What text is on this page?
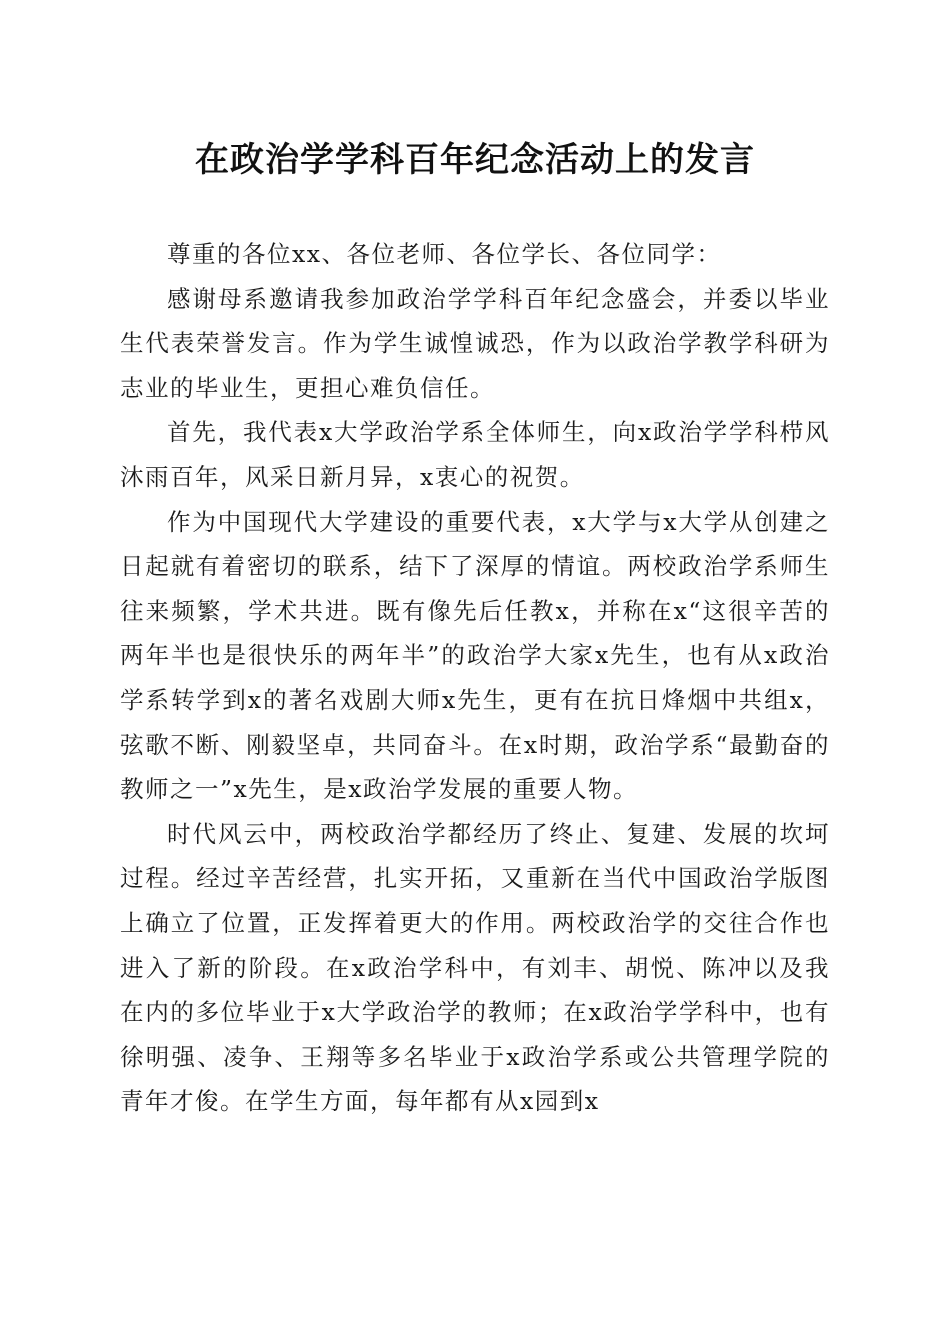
在政治学学科百年纪念活动上的发言

尊重的各位xx、各位老师、各位学长、各位同学：

感谢母系邀请我参加政治学学科百年纪念盛会，并委以毕业生代表荣誉发言。作为学生诚惶诚恐，作为以政治学教学科研为志业的毕业生，更担心难负信任。

首先，我代表x大学政治学系全体师生，向x政治学学科栉风沐雨百年，风采日新月异，x衷心的祝贺。

作为中国现代大学建设的重要代表，x大学与x大学从创建之日起就有着密切的联系，结下了深厚的情谊。两校政治学系师生往来频繁，学术共进。既有像先后任教x，并称在x“这很辛苦的两年半也是很快乐的两年半”的政治学大家x先生，也有从x政治学系转学到x的著名戏剧大师x先生，更有在抗日烽烟中共组x，弦歌不断、刚毅坚卓，共同奋斗。在x时期，政治学系“最勤奋的教师之一”x先生，是x政治学发展的重要人物。

时代风云中，两校政治学都经历了终止、复建、发展的坎坷过程。经过辛苦经营，扎实开拓，又重新在当代中国政治学版图上确立了位置，正发挥着更大的作用。两校政治学的交往合作也进入了新的阶段。在x政治学科中，有刘丰、胡悦、陈冲以及我在内的多位毕业于x大学政治学的教师；在x政治学学科中，也有徐明强、凌争、王翔等多名毕业于x政治学系或公共管理学院的青年才俊。在学生方面，每年都有从x园到x
